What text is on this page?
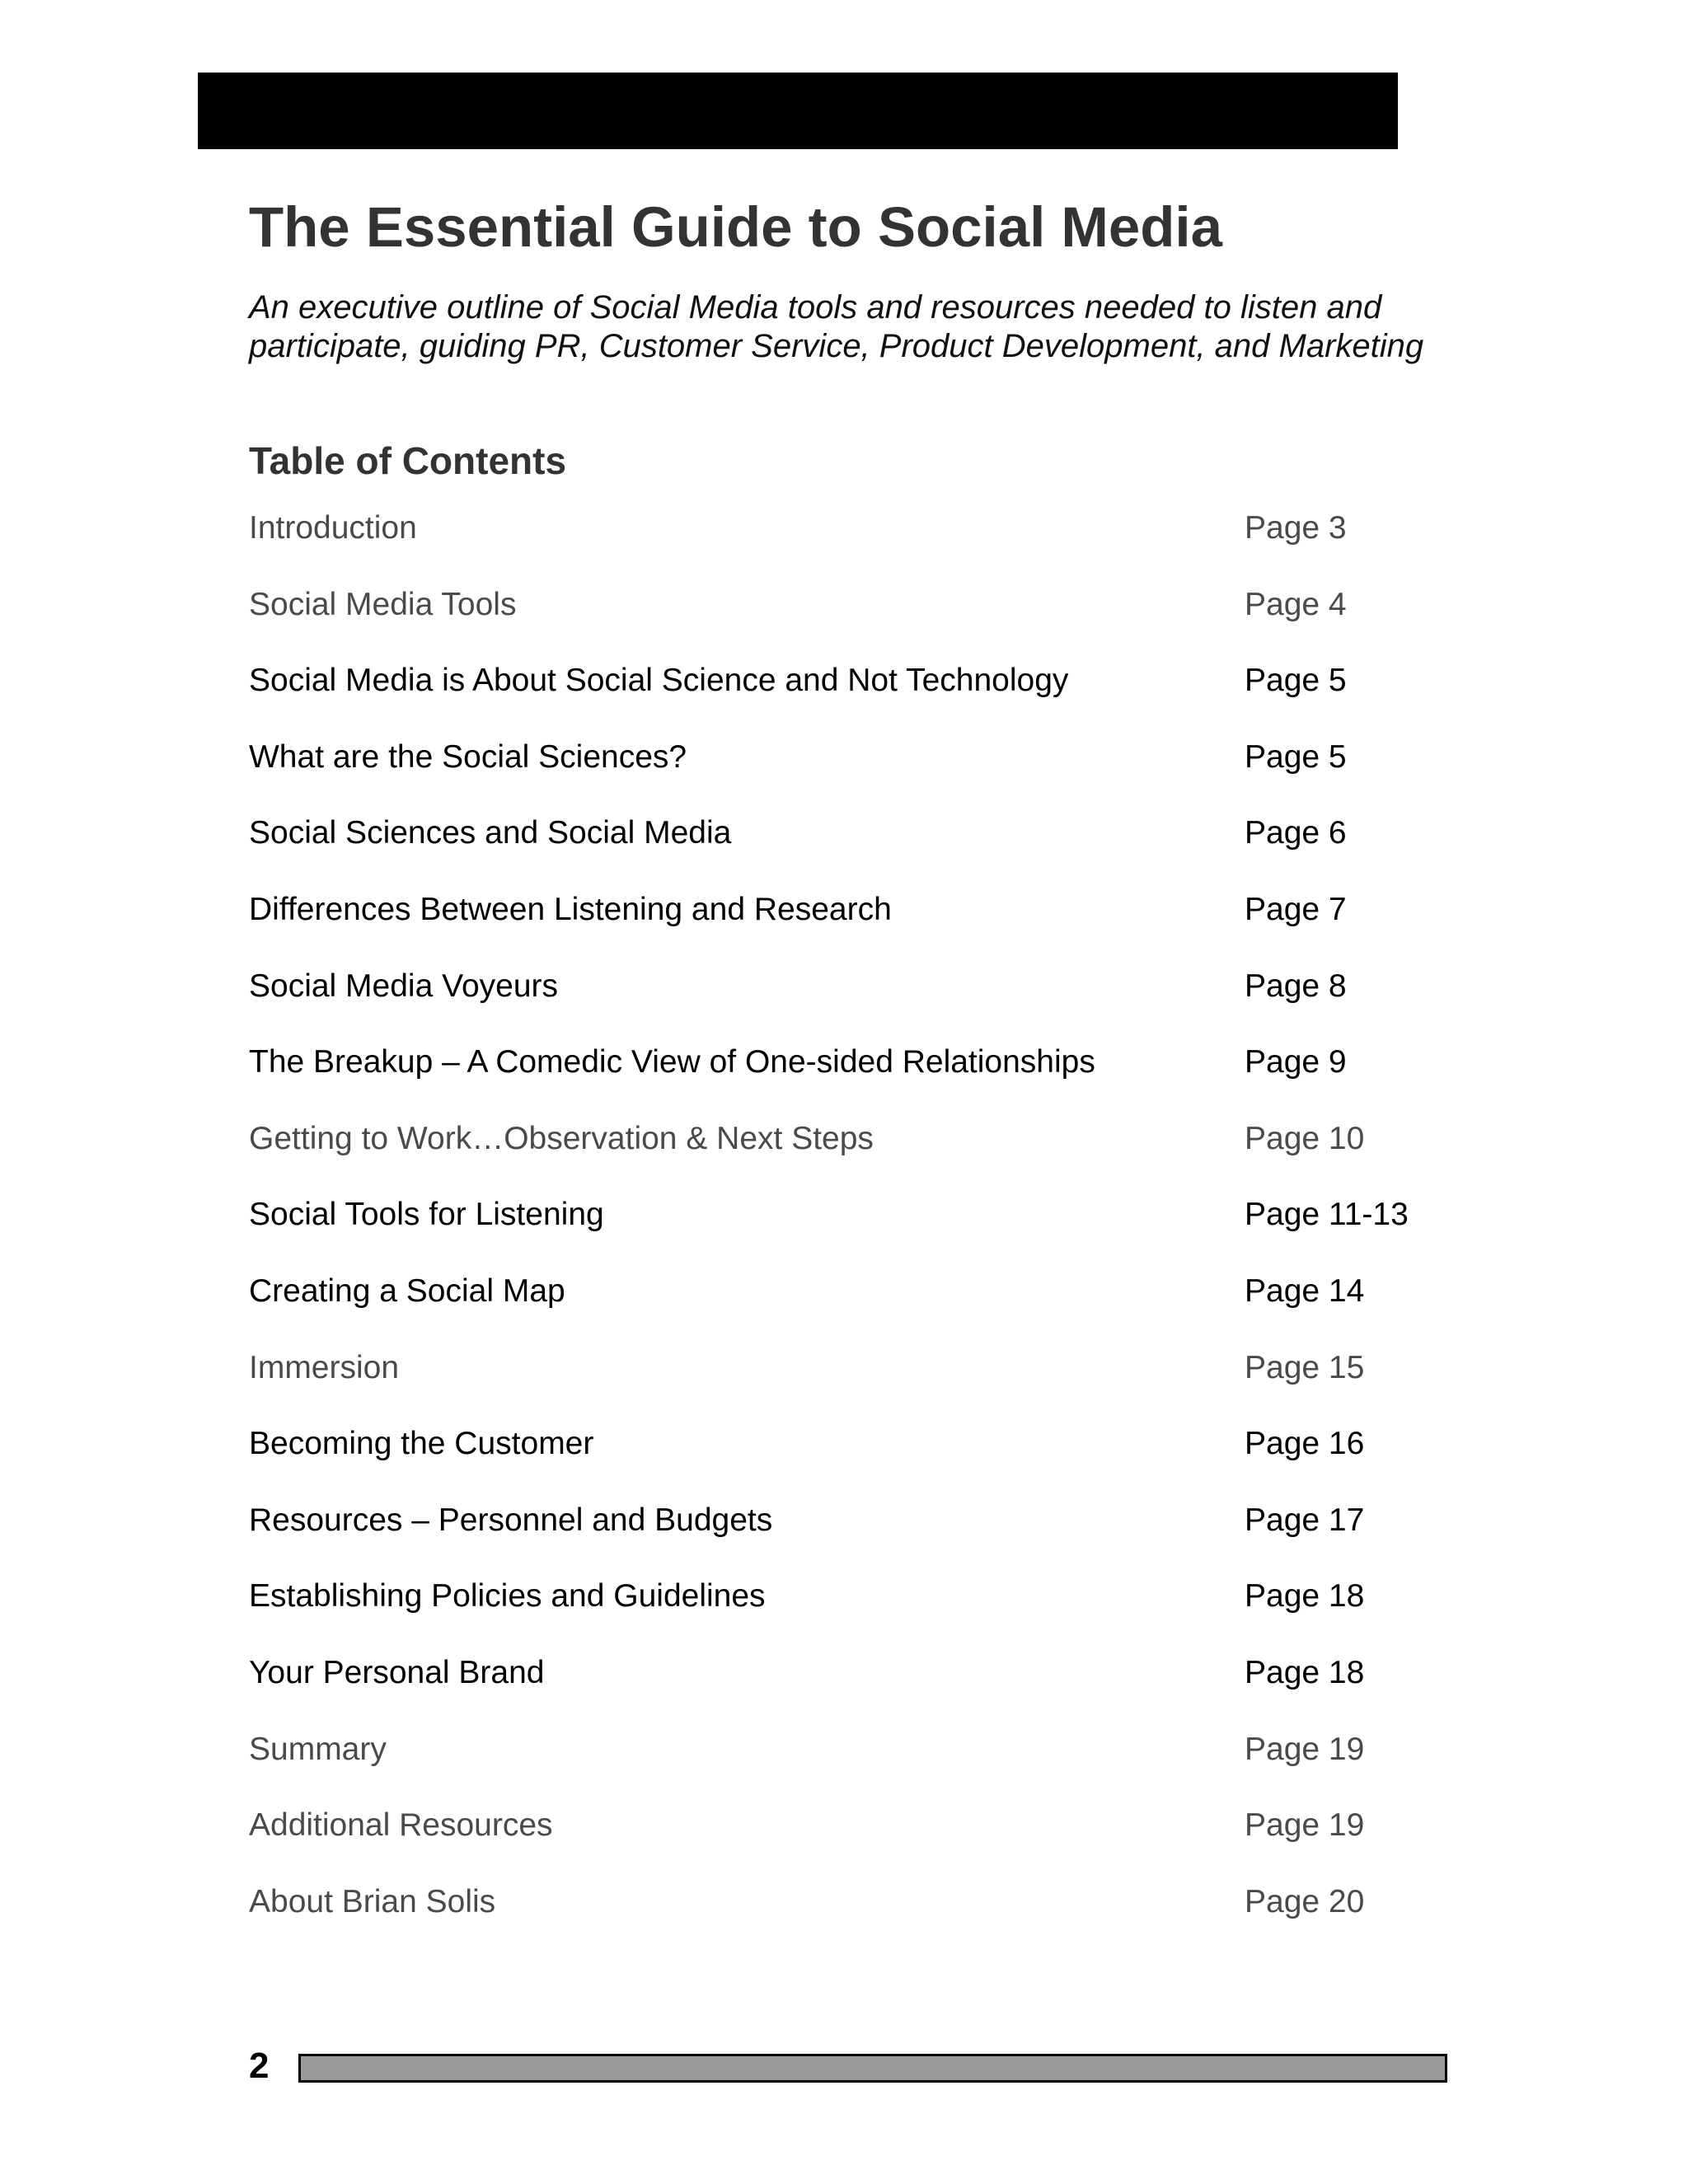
The Essential Guide to Social Media

An executive outline of Social Media tools and resources needed to listen and
participate, guiding PR, Customer Service, Product Development, and Marketing

Table of Contents
Introduction	Page 3
Social Media Tools	Page 4
Social Media is About Social Science and Not Technology	Page 5
What are the Social Sciences?	Page 5
Social Sciences and Social Media	Page 6
Differences Between Listening and Research	Page 7
Social Media Voyeurs	Page 8
The Breakup – A Comedic View of One-sided Relationships	Page 9
Getting to Work…Observation & Next Steps	Page 10
Social Tools for Listening	Page 11-13
Creating a Social Map	Page 14
Immersion	Page 15
Becoming the Customer	Page 16
Resources – Personnel and Budgets	Page 17
Establishing Policies and Guidelines	Page 18
Your Personal Brand	Page 18
Summary	Page 19
Additional Resources	Page 19
About Brian Solis	Page 20
2
